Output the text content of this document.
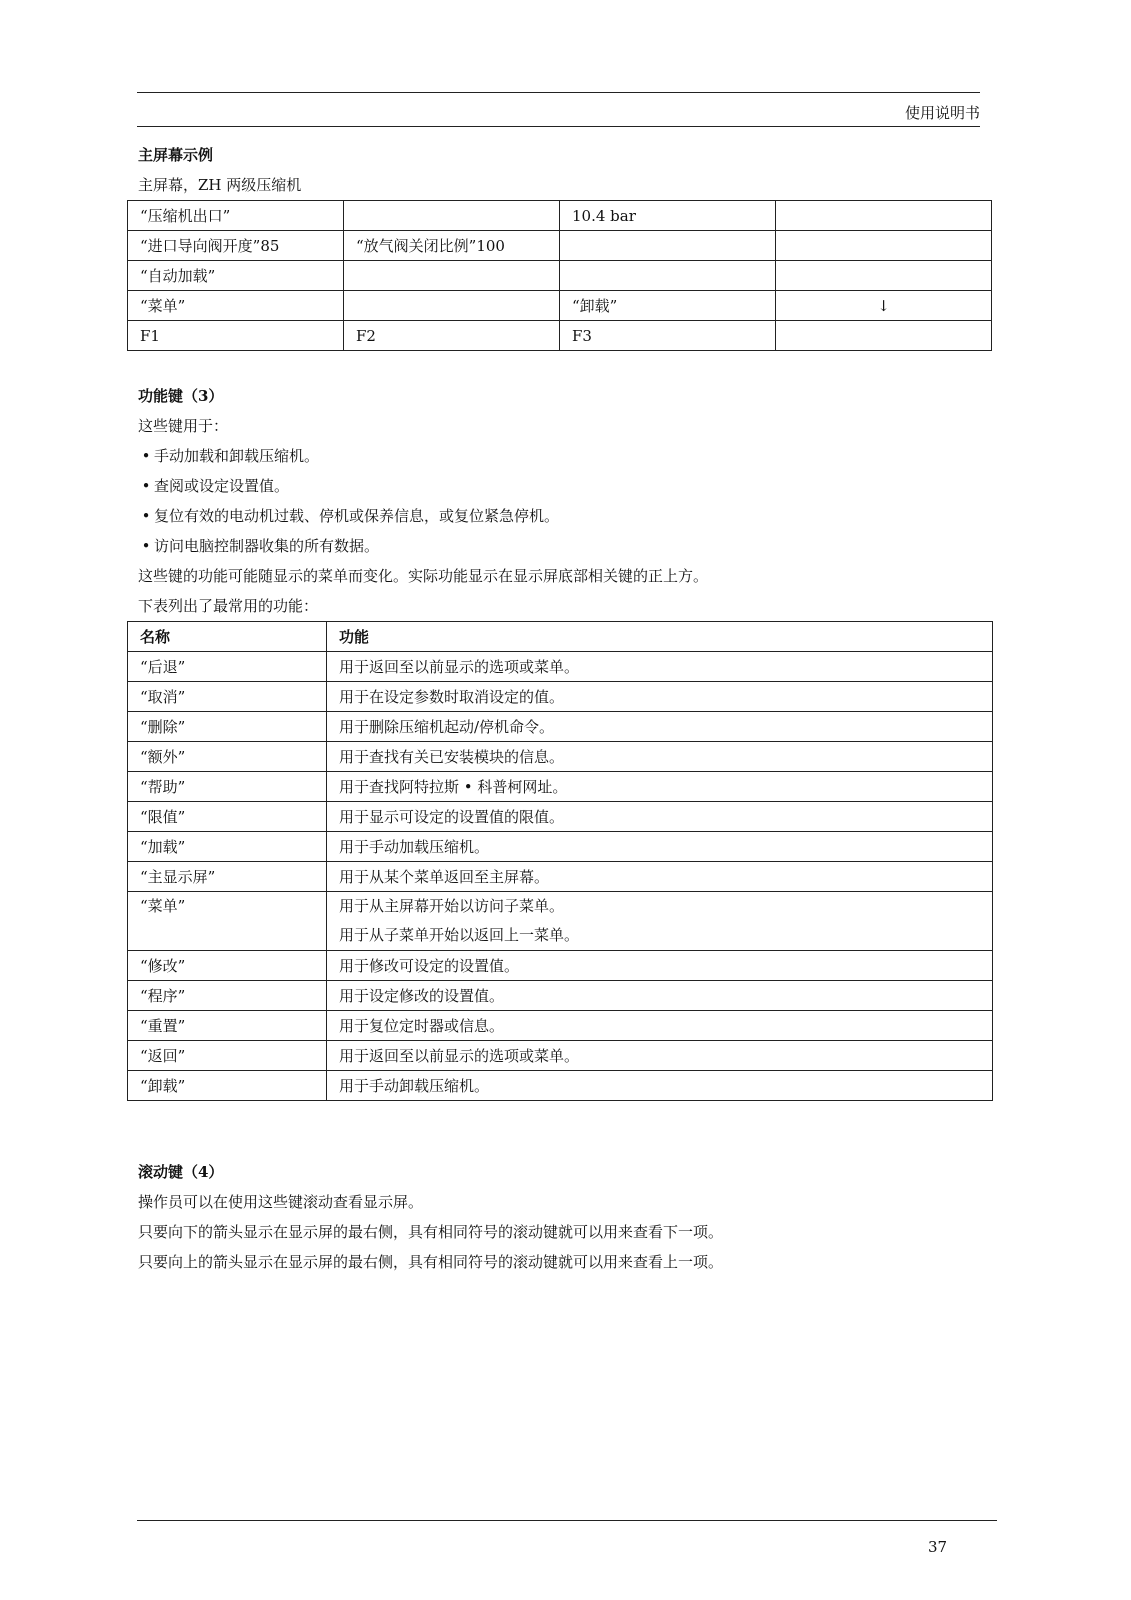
使用说明书

主屏幕示例

主屏幕，ZH 两级压缩机

“压缩机出口”		10.4 bar	
“进口导向阀开度”85	“放气阀关闭比例”100		
“自动加载”			
“菜单”		“卸载”	↓
F1	F2	F3	

功能键（3）

这些键用于：

• 手动加载和卸载压缩机。

• 查阅或设定设置值。

• 复位有效的电动机过载、停机或保养信息，或复位紧急停机。

• 访问电脑控制器收集的所有数据。

这些键的功能可能随显示的菜单而变化。实际功能显示在显示屏底部相关键的正上方。

下表列出了最常用的功能：

名称	功能
“后退”	用于返回至以前显示的选项或菜单。
“取消”	用于在设定参数时取消设定的值。
“删除”	用于删除压缩机起动/停机命令。
“额外”	用于查找有关已安装模块的信息。
“帮助”	用于查找阿特拉斯 • 科普柯网址。
“限值”	用于显示可设定的设置值的限值。
“加载”	用于手动加载压缩机。
“主显示屏”	用于从某个菜单返回至主屏幕。
“菜单”	用于从主屏幕开始以访问子菜单。
用于从子菜单开始以返回上一菜单。

“修改”	用于修改可设定的设置值。
“程序”	用于设定修改的设置值。
“重置”	用于复位定时器或信息。
“返回”	用于返回至以前显示的选项或菜单。
“卸载”	用于手动卸载压缩机。

滚动键（4）

操作员可以在使用这些键滚动查看显示屏。

只要向下的箭头显示在显示屏的最右侧，具有相同符号的滚动键就可以用来查看下一项。

只要向上的箭头显示在显示屏的最右侧，具有相同符号的滚动键就可以用来查看上一项。

37
